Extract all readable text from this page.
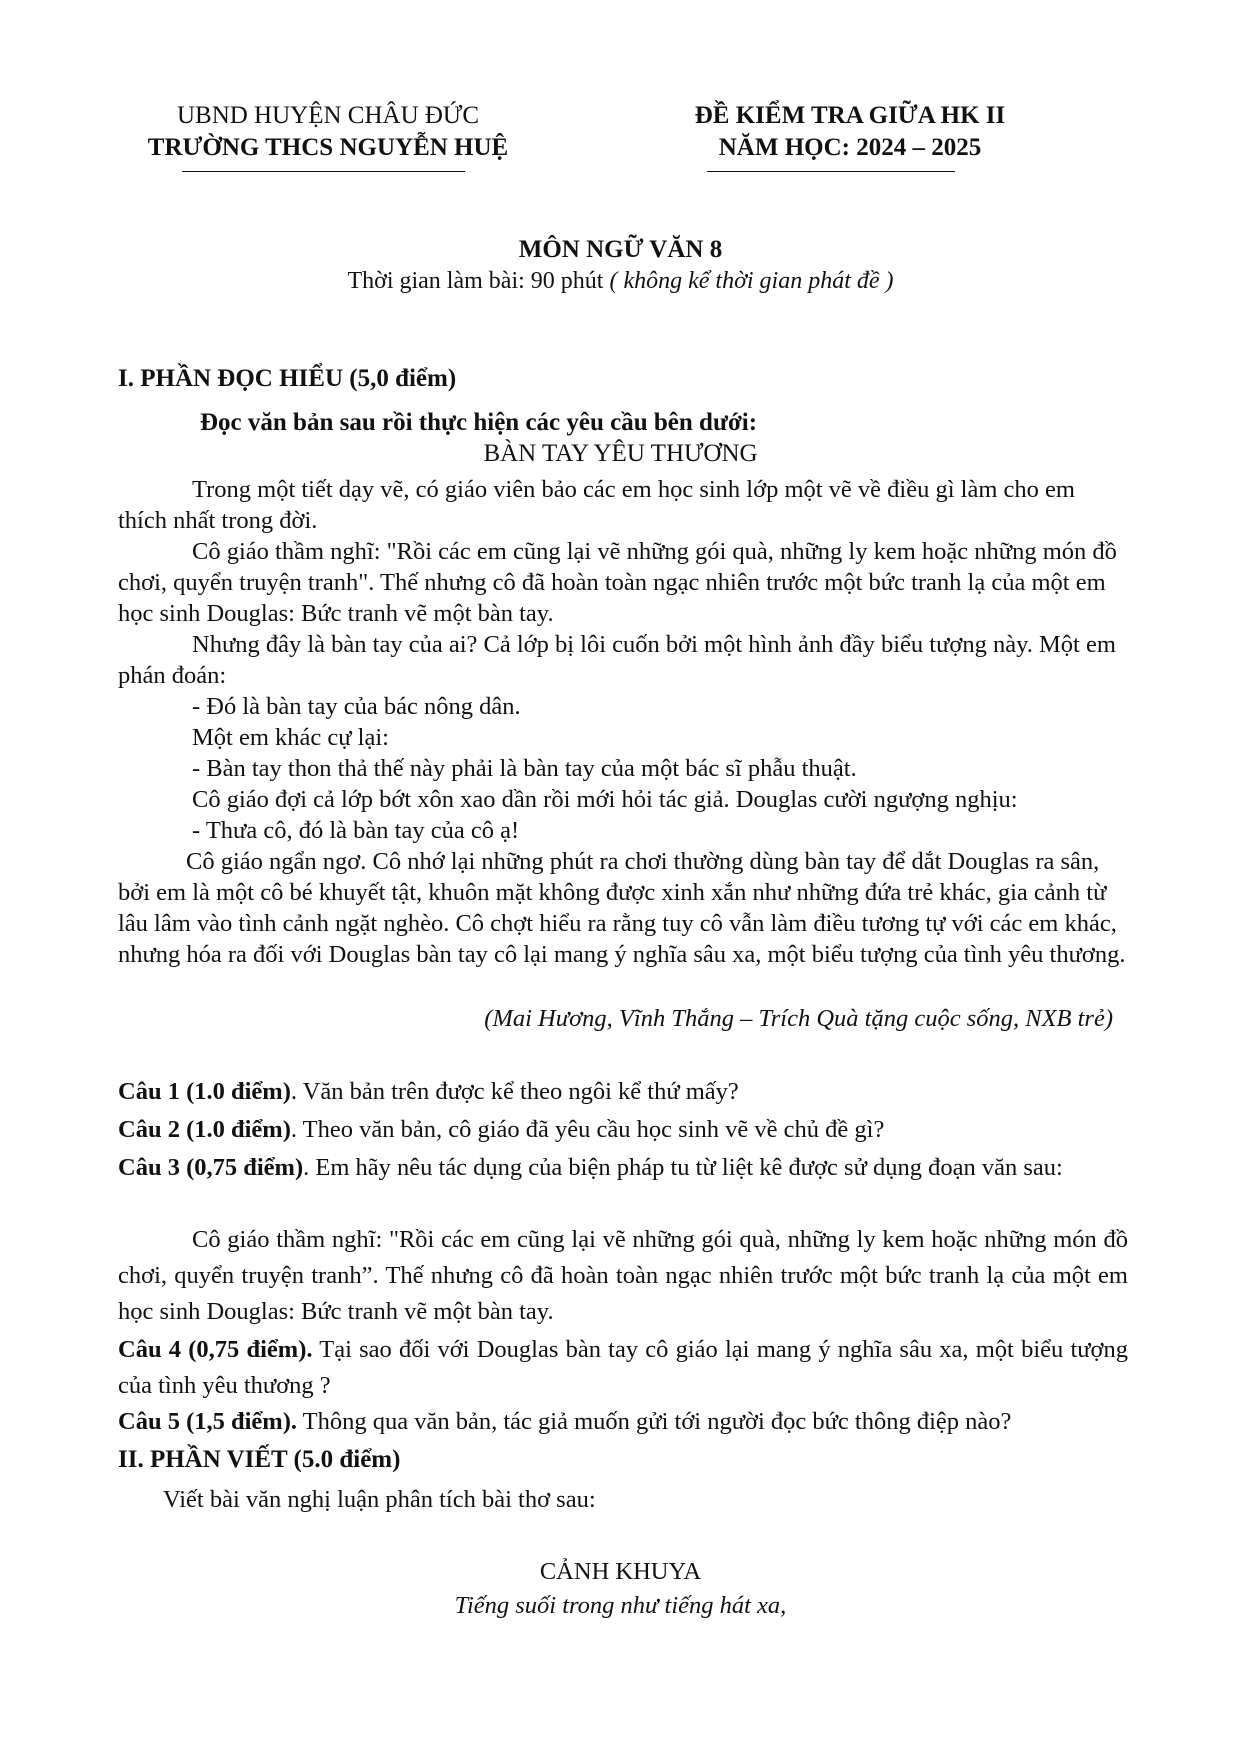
UBND HUYỆN CHÂU ĐỨC
TRƯỜNG THCS NGUYỄN HUỆ
ĐỀ KIỂM TRA GIỮA HK II
NĂM HỌC: 2024 – 2025
MÔN NGỮ VĂN 8
Thời gian làm bài: 90 phút ( không kể thời gian phát đề )
I. PHẦN ĐỌC HIỂU (5,0 điểm)
Đọc văn bản sau rồi thực hiện các yêu cầu bên dưới:
BÀN TAY YÊU THƯƠNG
Trong một tiết dạy vẽ, có giáo viên bảo các em học sinh lớp một vẽ về điều gì làm cho em thích nhất trong đời.
Cô giáo thầm nghĩ: "Rồi các em cũng lại vẽ những gói quà, những ly kem hoặc những món đồ chơi, quyển truyện tranh". Thế nhưng cô đã hoàn toàn ngạc nhiên trước một bức tranh lạ của một em học sinh Douglas: Bức tranh vẽ một bàn tay.
Nhưng đây là bàn tay của ai? Cả lớp bị lôi cuốn bởi một hình ảnh đầy biểu tượng này. Một em phán đoán:
- Đó là bàn tay của bác nông dân.
Một em khác cự lại:
- Bàn tay thon thả thế này phải là bàn tay của một bác sĩ phẫu thuật.
Cô giáo đợi cả lớp bớt xôn xao dần rồi mới hỏi tác giả. Douglas cười ngượng nghịu:
- Thưa cô, đó là bàn tay của cô ạ!
Cô giáo ngẩn ngơ. Cô nhớ lại những phút ra chơi thường dùng bàn tay để dắt Douglas ra sân, bởi em là một cô bé khuyết tật, khuôn mặt không được xinh xắn như những đứa trẻ khác, gia cảnh từ lâu lâm vào tình cảnh ngặt nghèo. Cô chợt hiểu ra rằng tuy cô vẫn làm điều tương tự với các em khác, nhưng hóa ra đối với Douglas bàn tay cô lại mang ý nghĩa sâu xa, một biểu tượng của tình yêu thương.
(Mai Hương, Vĩnh Thắng – Trích Quà tặng cuộc sống, NXB trẻ)
Câu 1 (1.0 điểm). Văn bản trên được kể theo ngôi kể thứ mấy?
Câu 2 (1.0 điểm). Theo văn bản, cô giáo đã yêu cầu học sinh vẽ về chủ đề gì?
Câu 3 (0,75 điểm). Em hãy nêu tác dụng của biện pháp tu từ liệt kê được sử dụng đoạn văn sau:
Cô giáo thầm nghĩ: "Rồi các em cũng lại vẽ những gói quà, những ly kem hoặc những món đồ chơi, quyển truyện tranh”. Thế nhưng cô đã hoàn toàn ngạc nhiên trước một bức tranh lạ của một em học sinh Douglas: Bức tranh vẽ một bàn tay.
Câu 4 (0,75 điểm). Tại sao đối với Douglas bàn tay cô giáo lại mang ý nghĩa sâu xa, một biểu tượng của tình yêu thương ?
Câu 5 (1,5 điểm). Thông qua văn bản, tác giả muốn gửi tới người đọc bức thông điệp nào?
II. PHẦN VIẾT (5.0 điểm)
Viết bài văn nghị luận phân tích bài thơ sau:
CẢNH KHUYA
Tiếng suối trong như tiếng hát xa,
